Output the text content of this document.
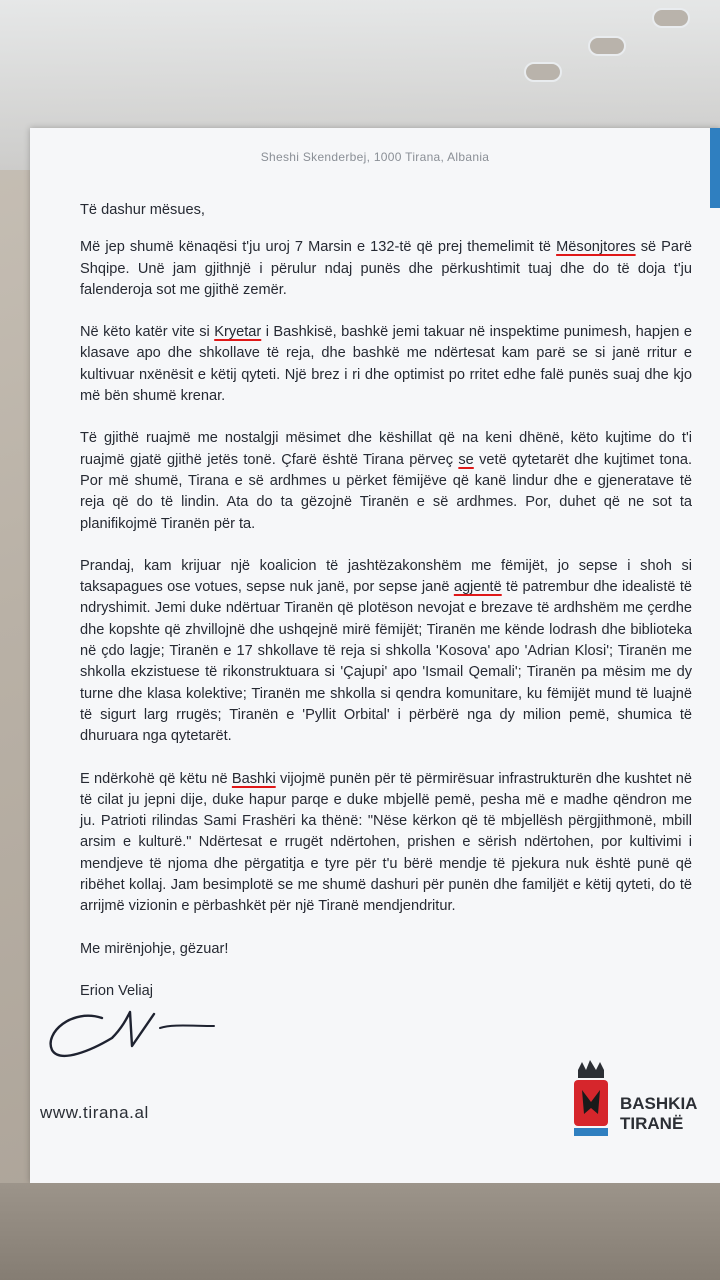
Sheshi Skenderbej, 1000 Tirana, Albania

Të dashur mësues,

Më jep shumë kënaqësi t'ju uroj 7 Marsin e 132-të që prej themelimit të Mësonjtores së Parë Shqipe. Unë jam gjithnjë i përulur ndaj punës dhe përkushtimit tuaj dhe do të doja t'ju falenderoja sot me gjithë zemër.

Në këto katër vite si Kryetar i Bashkisë, bashkë jemi takuar në inspektime punimesh, hapjen e klasave apo dhe shkollave të reja, dhe bashkë me ndërtesat kam parë se si janë rritur e kultivuar nxënësit e këtij qyteti. Një brez i ri dhe optimist po rritet edhe falë punës suaj dhe kjo më bën shumë krenar.

Të gjithë ruajmë me nostalgji mësimet dhe këshillat që na keni dhënë, këto kujtime do t'i ruajmë gjatë gjithë jetës tonë. Çfarë është Tirana përveç se vetë qytetarët dhe kujtimet tona. Por më shumë, Tirana e së ardhmes u përket fëmijëve që kanë lindur dhe e gjeneratave të reja që do të lindin. Ata do ta gëzojnë Tiranën e së ardhmes. Por, duhet që ne sot ta planifikojmë Tiranën për ta.

Prandaj, kam krijuar një koalicion të jashtëzakonshëm me fëmijët, jo sepse i shoh si taksapagues ose votues, sepse nuk janë, por sepse janë agjentë të patrembur dhe idealistë të ndryshimit. Jemi duke ndërtuar Tiranën që plotëson nevojat e brezave të ardhshëm me çerdhe dhe kopshte që zhvillojnë dhe ushqejnë mirë fëmijët; Tiranën me kënde lodrash dhe biblioteka në çdo lagje; Tiranën e 17 shkollave të reja si shkolla 'Kosova' apo 'Adrian Klosi'; Tiranën me shkolla ekzistuese të rikonstruktuara si 'Çajupi' apo 'Ismail Qemali'; Tiranën pa mësim me dy turne dhe klasa kolektive; Tiranën me shkolla si qendra komunitare, ku fëmijët mund të luajnë të sigurt larg rrugës; Tiranën e 'Pyllit Orbital' i përbërë nga dy milion pemë, shumica të dhuruara nga qytetarët.

E ndërkohë që këtu në Bashki vijojmë punën për të përmirësuar infrastrukturën dhe kushtet në të cilat ju jepni dije, duke hapur parqe e duke mbjellë pemë, pesha më e madhe qëndron me ju. Patrioti rilindas Sami Frashëri ka thënë: "Nëse kërkon që të mbjellësh përgjithmonë, mbill arsim e kulturë." Ndërtesat e rrugët ndërtohen, prishen e sërish ndërtohen, por kultivimi i mendjeve të njoma dhe përgatitja e tyre për t'u bërë mendje të pjekura nuk është punë që ribëhet kollaj. Jam besimplotë se me shumë dashuri për punën dhe familjët e këtij qyteti, do të arrijmë vizionin e përbashkët për një Tiranë mendjendritur.

Me mirënjohje, gëzuar!

Erion Veliaj

www.tirana.al	BASHKIA
TIRANË
